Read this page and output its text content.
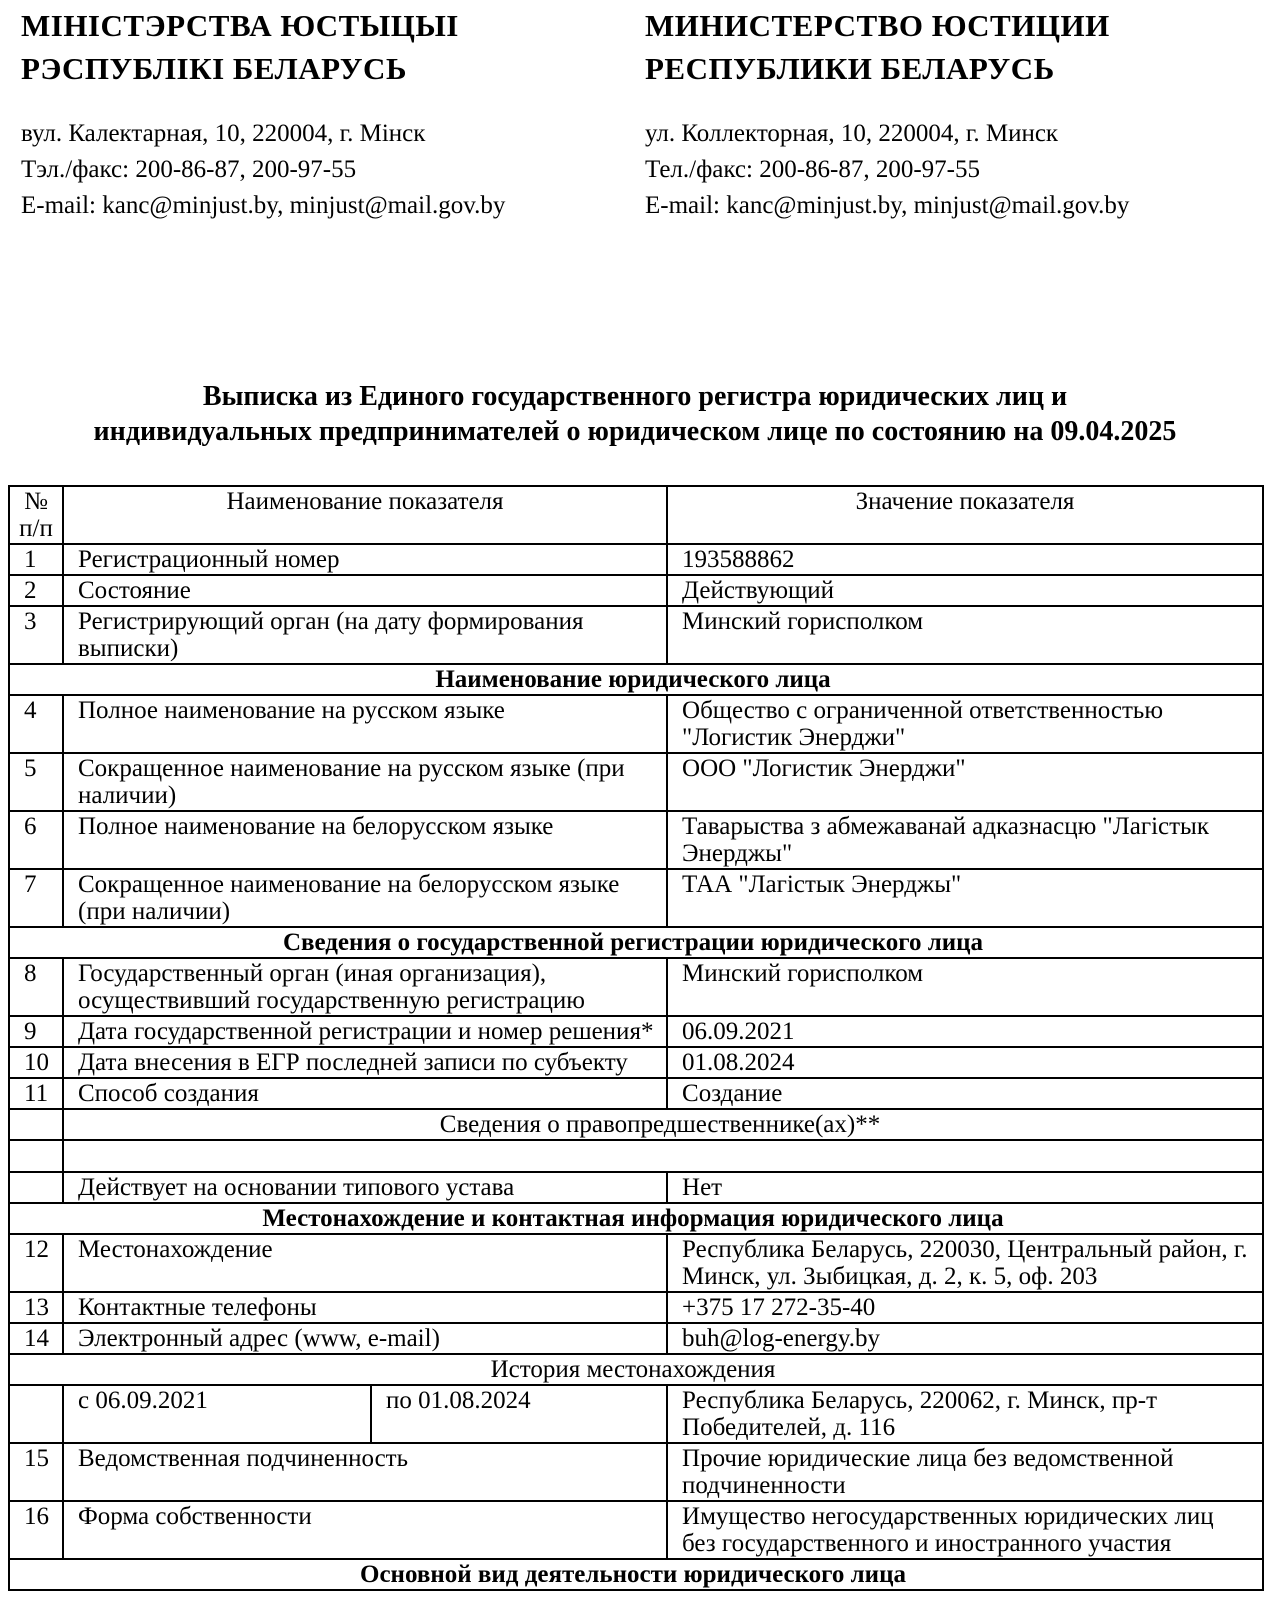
МІНІСТЭРСТВА ЮСТЫЦЫІ
РЭСПУБЛІКІ БЕЛАРУСЬ
вул. Калектарная, 10, 220004, г. Мінск
Тэл./факс: 200-86-87, 200-97-55
E-mail: kanc@minjust.by, minjust@mail.gov.by
МИНИСТЕРСТВО ЮСТИЦИИ
РЕСПУБЛИКИ БЕЛАРУСЬ
ул. Коллекторная, 10, 220004, г. Минск
Тел./факс: 200-86-87, 200-97-55
E-mail: kanc@minjust.by, minjust@mail.gov.by
Выписка из Единого государственного регистра юридических лиц и
индивидуальных предпринимателей о юридическом лице по состоянию на 09.04.2025
№
п/п	Наименование показателя		Значение показателя
1	Регистрационный номер		193588862
2	Состояние		Действующий
3	Регистрирующий орган (на дату формирования выписки)		Минский горисполком
Наименование юридического лица			
4	Полное наименование на русском языке		Общество с ограниченной ответственностью "Логистик Энерджи"
5	Сокращенное наименование на русском языке (при наличии)		ООО "Логистик Энерджи"
6	Полное наименование на белорусском языке		Таварыства з абмежаванай адказнасцю "Лагістык Энерджы"
7	Сокращенное наименование на белорусском языке (при наличии)		ТАА "Лагістык Энерджы"
Сведения о государственной регистрации юридического лица			
8	Государственный орган (иная организация), осуществивший государственную регистрацию		Минский горисполком
9	Дата государственной регистрации и номер решения*		06.09.2021
10	Дата внесения в ЕГР последней записи по субъекту		01.08.2024
11	Способ создания		Создание
	Сведения о правопредшественнике(ах)**		

	Действует на основании типового устава		Нет
Местонахождение и контактная информация юридического лица			
12	Местонахождение		Республика Беларусь, 220030, Центральный район, г. Минск, ул. Зыбицкая, д. 2, к. 5, оф. 203
13	Контактные телефоны		+375 17 272-35-40
14	Электронный адрес (www, e-mail)		buh@log-energy.by
История местонахождения			
	с 06.09.2021	по 01.08.2024	Республика Беларусь, 220062, г. Минск, пр-т Победителей, д. 116
15	Ведомственная подчиненность		Прочие юридические лица без ведомственной подчиненности
16	Форма собственности		Имущество негосударственных юридических лиц без государственного и иностранного участия
Основной вид деятельности юридического лица			
